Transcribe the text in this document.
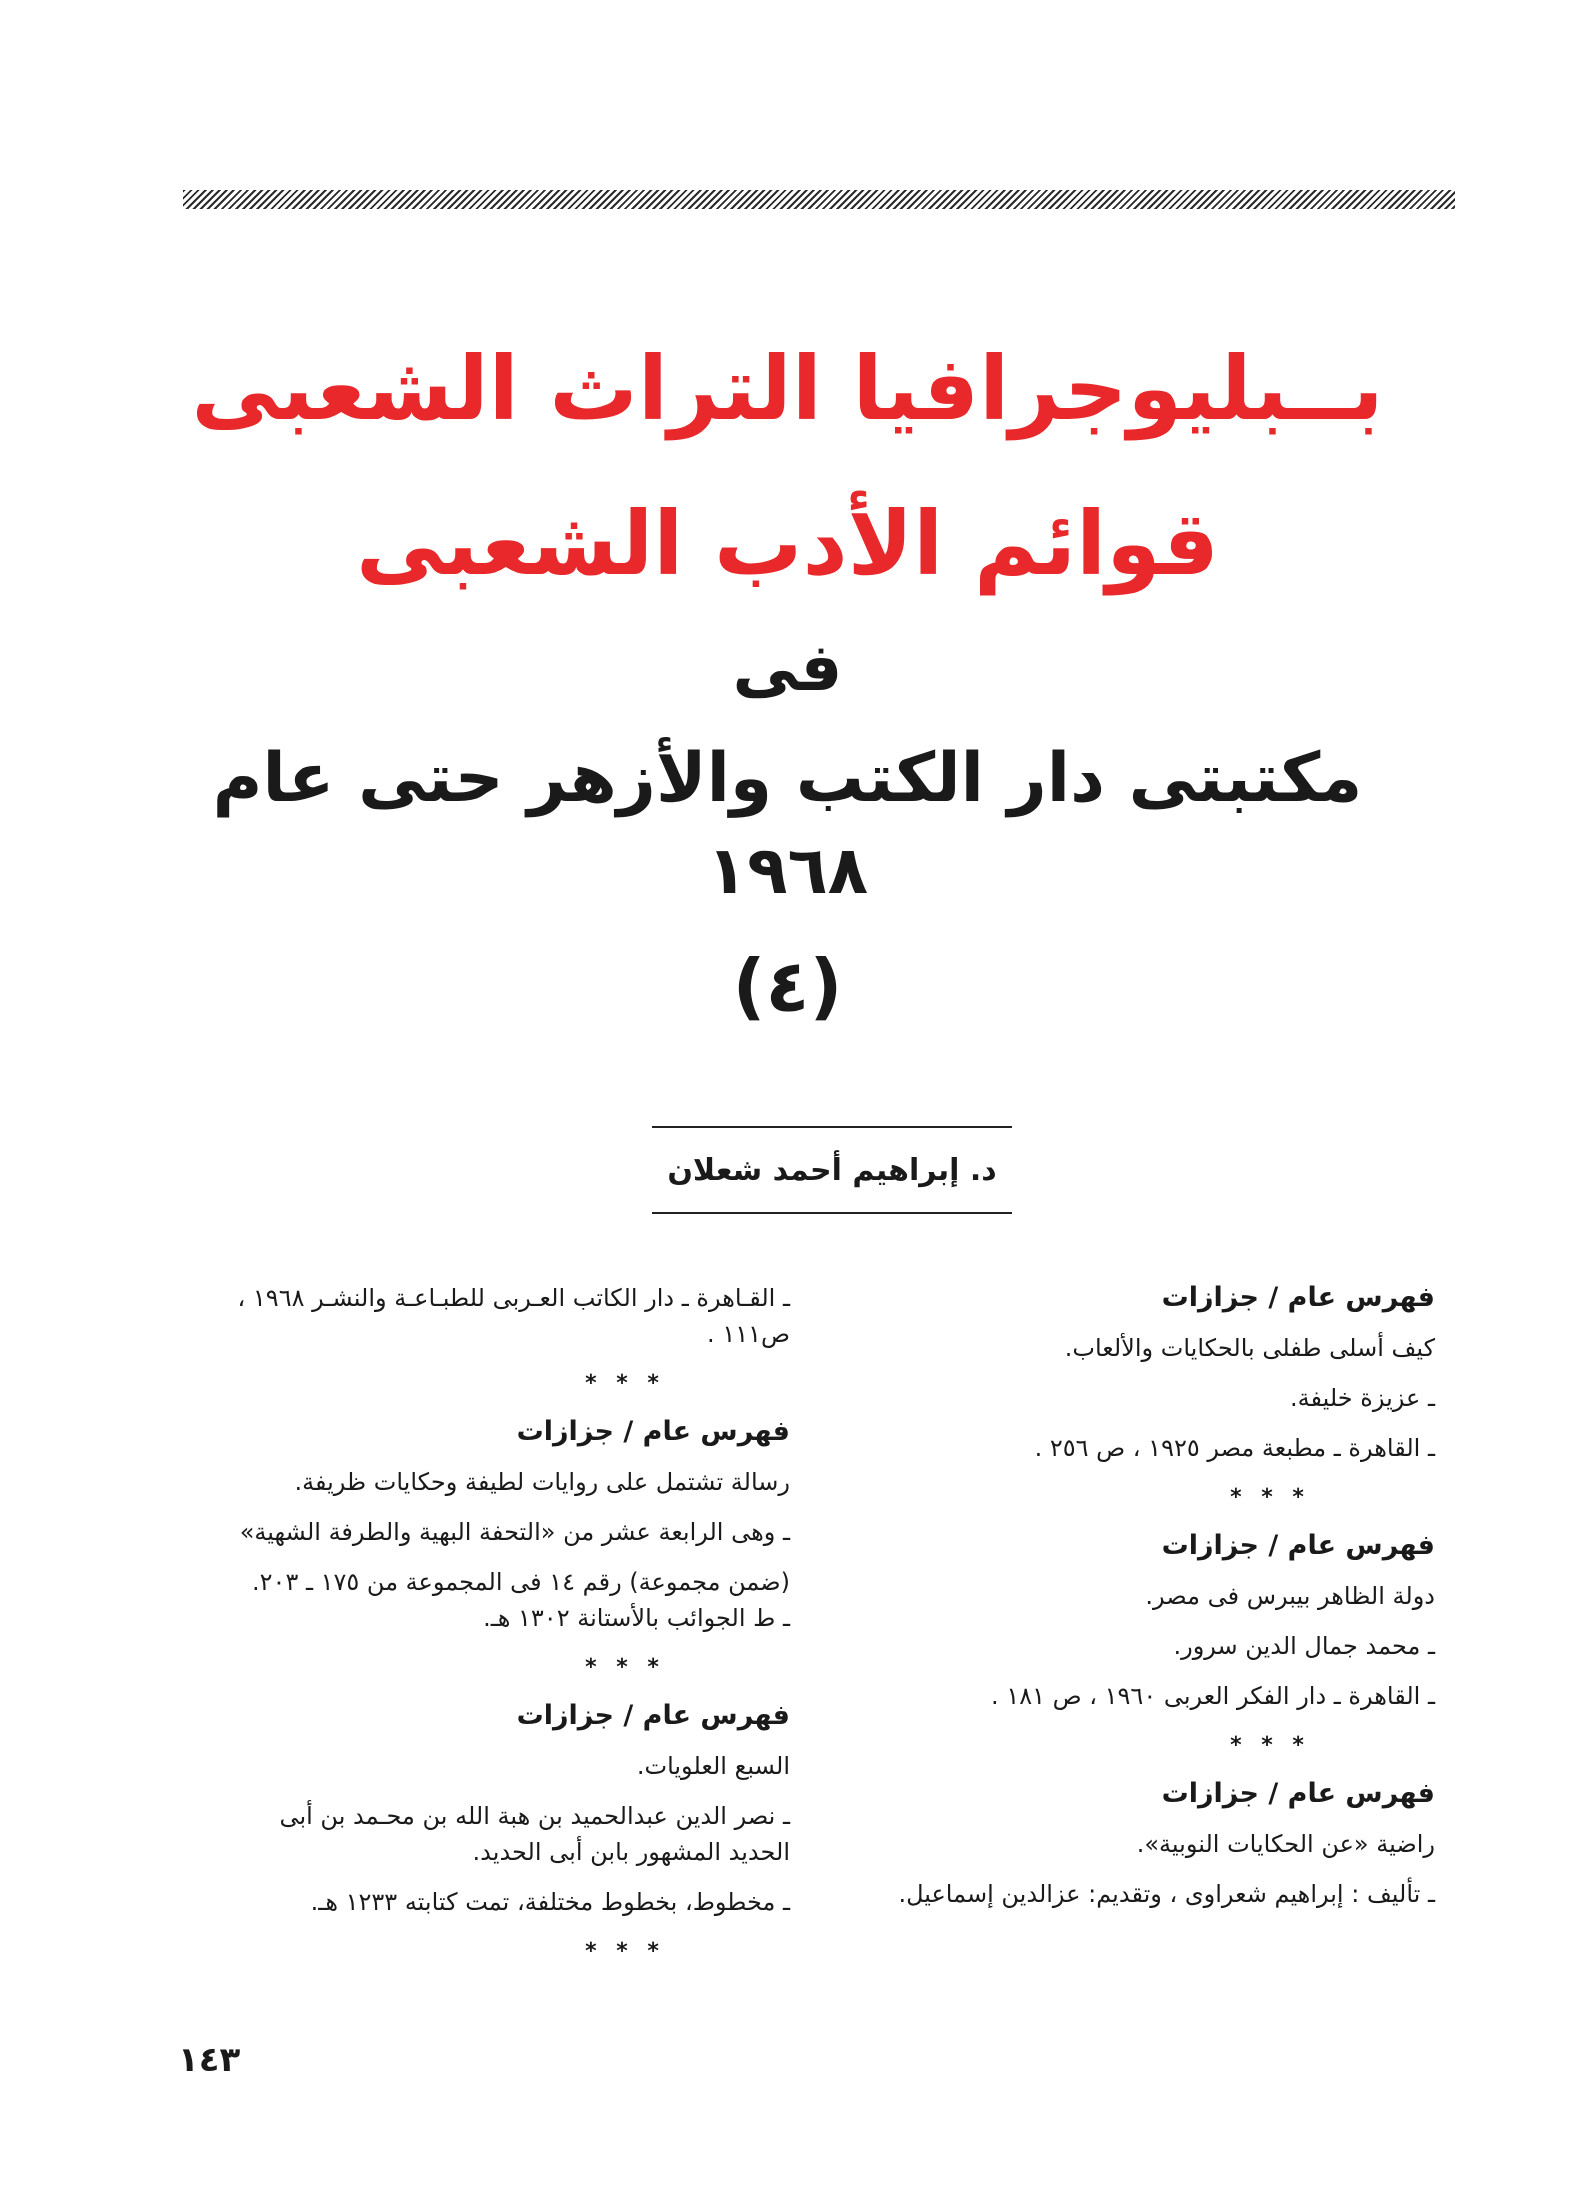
بــبليوجرافيا التراث الشعبى
قوائم الأدب الشعبى
فى
مكتبتى دار الكتب والأزهر حتى عام
١٩٦٨
(٤)
د. إبراهيم أحمد شعلان
فهرس عام / جزازات
كيف أسلى طفلى بالحكايات والألعاب.
ـ عزيزة خليفة.
ـ القاهرة ـ مطبعة مصر ١٩٢٥ ، ص ٢٥٦ .
* * *
فهرس عام / جزازات
دولة الظاهر بيبرس فى مصر.
ـ محمد جمال الدين سرور.
ـ القاهرة ـ دار الفكر العربى ١٩٦٠ ، ص ١٨١ .
* * *
فهرس عام / جزازات
راضية «عن الحكايات النوبية».
ـ تأليف : إبراهيم شعراوى ، وتقديم: عزالدين إسماعيل.
ـ القـاهرة ـ دار الكاتب العـربى للطبـاعـة والنشـر ١٩٦٨ ،
ص١١١ .
* * *
فهرس عام / جزازات
رسالة تشتمل على روايات لطيفة وحكايات ظريفة.
ـ وهى الرابعة عشر من «التحفة البهية والطرفة الشهية»
(ضمن مجموعة) رقم ١٤ فى المجموعة من ١٧٥ ـ ٢٠٣.
ـ ط الجوائب بالأستانة ١٣٠٢ هـ.
* * *
فهرس عام / جزازات
السبع العلويات.
ـ نصر الدين عبدالحميد بن هبة الله بن محـمد بن أبى
الحديد المشهور بابن أبى الحديد.
ـ مخطوط، بخطوط مختلفة، تمت كتابته ١٢٣٣ هـ.
* * *
١٤٣
